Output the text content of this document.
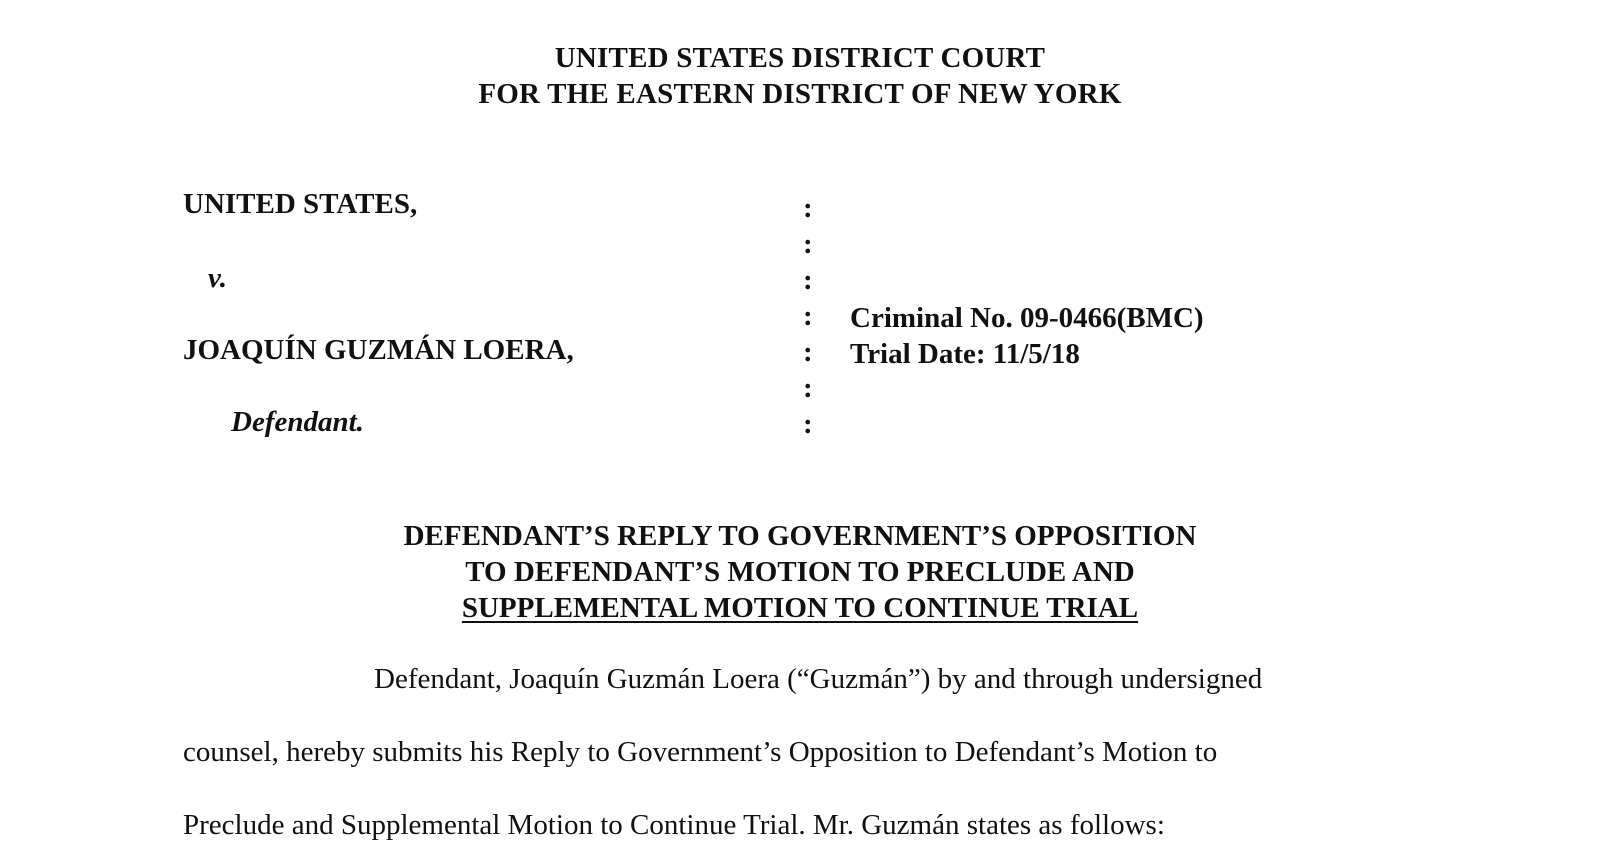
UNITED STATES DISTRICT COURT
FOR THE EASTERN DISTRICT OF NEW YORK
UNITED STATES,
v.
JOAQUÍN GUZMÁN LOERA,
Defendant.
:
:
:
:
:
:
:
Criminal No. 09-0466(BMC)
Trial Date: 11/5/18
DEFENDANT’S REPLY TO GOVERNMENT’S OPPOSITION
TO DEFENDANT’S MOTION TO PRECLUDE AND
SUPPLEMENTAL MOTION TO CONTINUE TRIAL
Defendant, Joaquín Guzmán Loera (“Guzmán”) by and through undersigned
counsel, hereby submits his Reply to Government’s Opposition to Defendant’s Motion to
Preclude and Supplemental Motion to Continue Trial. Mr. Guzmán states as follows:
